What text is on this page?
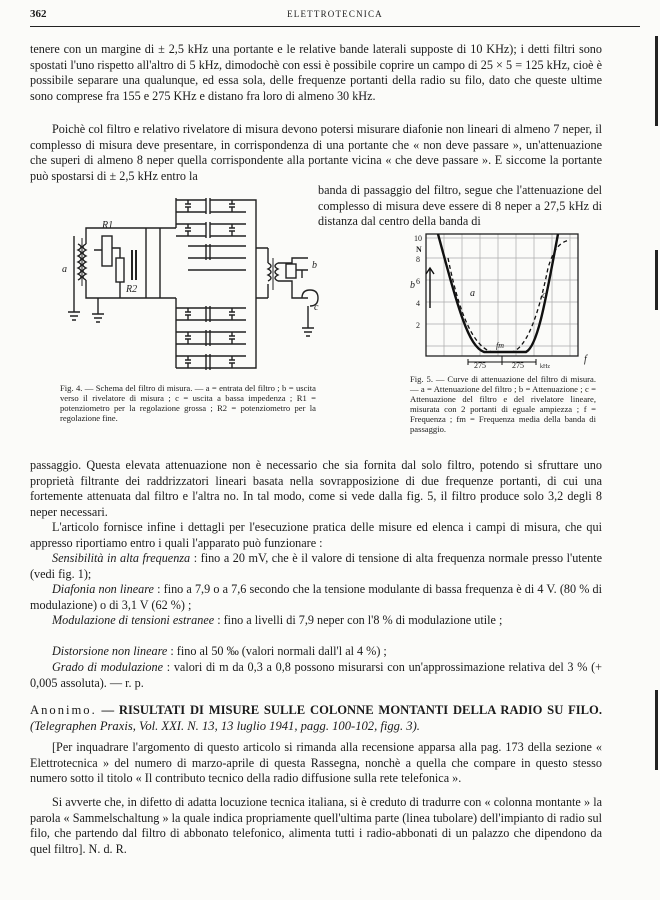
362	ELETTROTECNICA

tenere con un margine di ± 2,5 kHz una portante e le relative bande laterali supposte di 10 KHz); i detti filtri sono spostati l'uno rispetto all'altro di 5 kHz, dimodochè con essi è possibile coprire un campo di 25 × 5 = 125 kHz, cioè è possibile separare una qualunque, ed essa sola, delle frequenze portanti della radio su filo, dato che queste ultime sono comprese fra 155 e 275 KHz e distano fra loro di almeno 30 kHz.

Poichè col filtro e relativo rivelatore di misura devono potersi misurare diafonie non lineari di almeno 7 neper, il complesso di misura deve presentare, in corrispondenza di una portante che « non deve passare », un'attenuazione che superi di almeno 8 neper quella corrispondente alla portante vicina « che deve passare ». E siccome la portante può spostarsi di ± 2,5 kHz entro la

banda di passaggio del filtro, segue che l'attenuazione del complesso di misura deve essere di 8 neper a 27,5 kHz di distanza dal centro della banda di

a
R1
R2
b
c
Fig. 4. — Schema del filtro di misura. — a = entrata del filtro ; b = uscita verso il rivelatore di misura ; c = uscita a bassa impedenza ; R1 = potenziometro per la regolazione grossa ; R2 = potenziometro per la regolazione fine.
10
N
8
6
4
2
b
275	275	kHz
f
fm
a	c
Fig. 5. — Curve di attenuazione del filtro di misura. — a = Attenuazione del filtro ; b = Attenuazione ; c = Attenuazione del filtro e del rivelatore lineare, misurata con 2 portanti di eguale ampiezza ; f = Frequenza ; fm = Frequenza media della banda di passaggio.

passaggio. Questa elevata attenuazione non è necessario che sia fornita dal solo filtro, potendo si sfruttare uno proprietà filtrante dei raddrizzatori lineari basata nella sovrapposizione di due frequenze portanti, di cui una fortemente attenuata dal filtro e l'altra no. In tal modo, come si vede dalla fig. 5, il filtro produce solo 3,2 degli 8 neper necessari.

L'articolo fornisce infine i dettagli per l'esecuzione pratica delle misure ed elenca i campi di misura, che qui appresso riportiamo entro i quali l'apparato può funzionare :

Sensibilità in alta frequenza : fino a 20 mV, che è il valore di tensione di alta frequenza normale presso l'utente (vedi fig. 1);

Diafonia non lineare : fino a 7,9 o a 7,6 secondo che la tensione modulante di bassa frequenza è di 4 V. (80 % di modulazione) o di 3,1 V (62 %) ;

Modulazione di tensioni estranee : fino a livelli di 7,9 neper con l'8 % di modulazione utile ;

Distorsione non lineare : fino al 50 ‰ (valori normali dall'l al 4 %) ;

Grado di modulazione : valori di m da 0,3 a 0,8 possono misurarsi con un'approssimazione relativa del 3 % (+ 0,005 assoluta). — r. p.

Anonimo. — RISULTATI DI MISURE SULLE COLONNE MONTANTI DELLA RADIO SU FILO. (Telegraphen Praxis, Vol. XXI. N. 13, 13 luglio 1941, pagg. 100-102, figg. 3).

[Per inquadrare l'argomento di questo articolo si rimanda alla recensione apparsa alla pag. 173 della sezione « Elettrotecnica » del numero di marzo-aprile di questa Rassegna, nonchè a quella che compare in questo stesso numero sotto il titolo « Il contributo tecnico della radio diffusione sulla rete telefonica ».

Si avverte che, in difetto di adatta locuzione tecnica italiana, si è creduto di tradurre con « colonna montante » la parola « Sammelschaltung » la quale indica propriamente quell'ultima parte (linea tubolare) dell'impianto di radio sul filo, che partendo dal filtro di abbonato telefonico, alimenta tutti i radio-abbonati di un palazzo che dipendono da quel filtro]. N. d. R.
